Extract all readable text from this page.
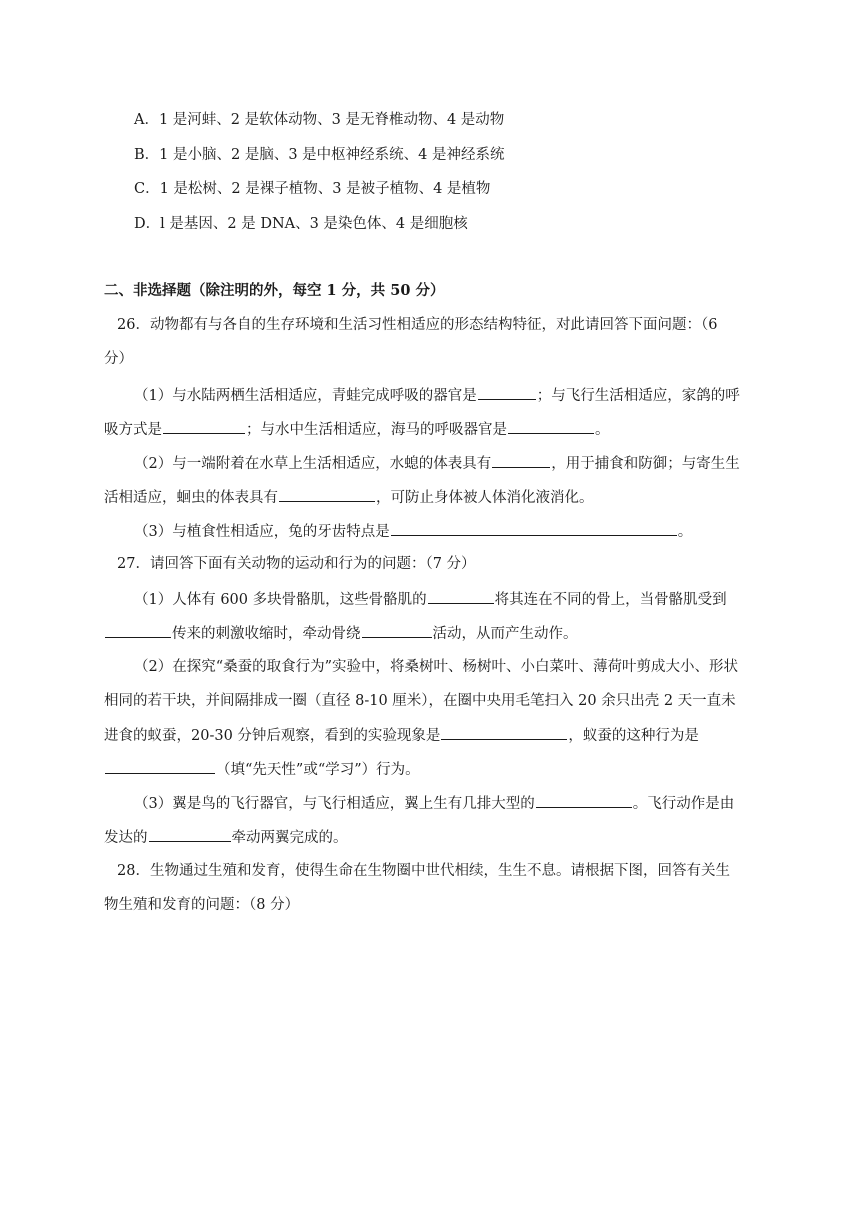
A．1 是河蚌、2 是软体动物、3 是无脊椎动物、4 是动物
B．1 是小脑、2 是脑、3 是中枢神经系统、4 是神经系统
C．1 是松树、2 是裸子植物、3 是被子植物、4 是植物
D．l 是基因、2 是 DNA、3 是染色体、4 是细胞核
二、非选择题（除注明的外，每空 1 分，共 50 分）
26．动物都有与各自的生存环境和生活习性相适应的形态结构特征，对此请回答下面问题：（6
分）
（1）与水陆两栖生活相适应，青蛙完成呼吸的器官是	；与飞行生活相适应，家鸽的呼
吸方式是	；与水中生活相适应，海马的呼吸器官是	。
（2）与一端附着在水草上生活相适应，水螅的体表具有	，用于捕食和防御；与寄生生
活相适应，蛔虫的体表具有	，可防止身体被人体消化液消化。
（3）与植食性相适应，兔的牙齿特点是	。
27．请回答下面有关动物的运动和行为的问题：（7 分）
（1）人体有 600 多块骨骼肌，这些骨骼肌的	将其连在不同的骨上，当骨骼肌受到
传来的刺激收缩时，牵动骨绕	活动，从而产生动作。
（2）在探究“桑蚕的取食行为”实验中，将桑树叶、杨树叶、小白菜叶、薄荷叶剪成大小、形状
相同的若干块，并间隔排成一圈（直径 8-10 厘米），在圈中央用毛笔扫入 20 余只出壳 2 天一直未
进食的蚁蚕，20-30 分钟后观察，看到的实验现象是	，蚁蚕的这种行为是
（填“先天性”或“学习”）行为。
（3）翼是鸟的飞行器官，与飞行相适应，翼上生有几排大型的	。飞行动作是由
发达的	牵动两翼完成的。
28．生物通过生殖和发育，使得生命在生物圈中世代相续，生生不息。请根据下图，回答有关生
物生殖和发育的问题：（8 分）
